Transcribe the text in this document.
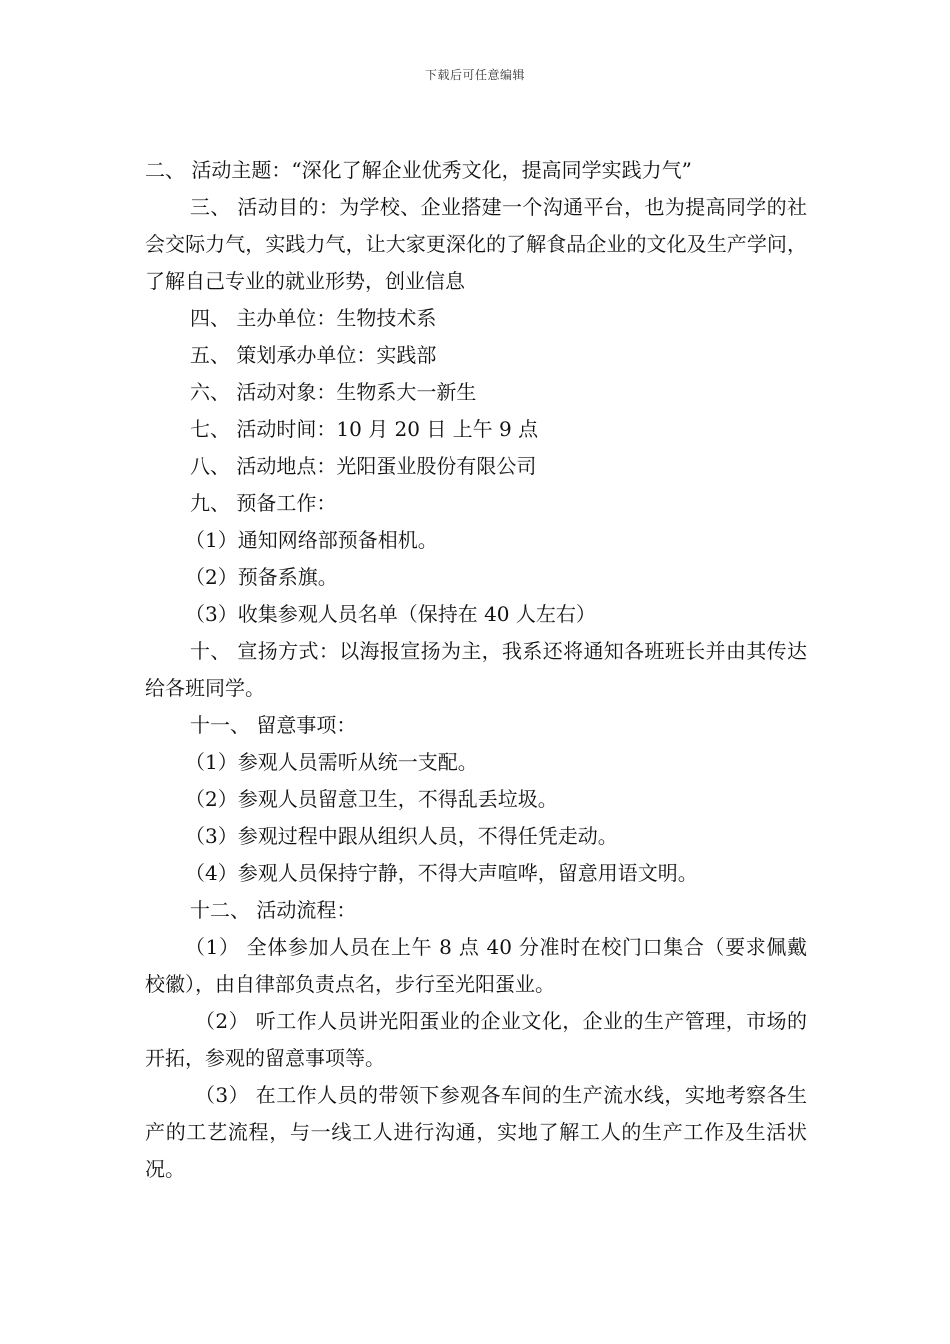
下载后可任意编辑

二、 活动主题：“深化了解企业优秀文化，提高同学实践力气”

三、 活动目的：为学校、企业搭建一个沟通平台，也为提高同学的社会交际力气，实践力气，让大家更深化的了解食品企业的文化及生产学问，了解自己专业的就业形势，创业信息

四、 主办单位：生物技术系

五、 策划承办单位：实践部

六、 活动对象：生物系大一新生

七、 活动时间：10 月 20 日 上午 9 点

八、 活动地点：光阳蛋业股份有限公司

九、 预备工作：

（1）通知网络部预备相机。

（2）预备系旗。

（3）收集参观人员名单（保持在 40 人左右）

十、 宣扬方式：以海报宣扬为主，我系还将通知各班班长并由其传达给各班同学。

十一、 留意事项：

（1）参观人员需听从统一支配。

（2）参观人员留意卫生，不得乱丢垃圾。

（3）参观过程中跟从组织人员，不得任凭走动。

（4）参观人员保持宁静，不得大声喧哗，留意用语文明。

十二、 活动流程：

（1） 全体参加人员在上午 8 点 40 分准时在校门口集合（要求佩戴校徽），由自律部负责点名，步行至光阳蛋业。

（2） 听工作人员讲光阳蛋业的企业文化，企业的生产管理，市场的开拓，参观的留意事项等。

（3） 在工作人员的带领下参观各车间的生产流水线，实地考察各生产的工艺流程，与一线工人进行沟通，实地了解工人的生产工作及生活状况。
